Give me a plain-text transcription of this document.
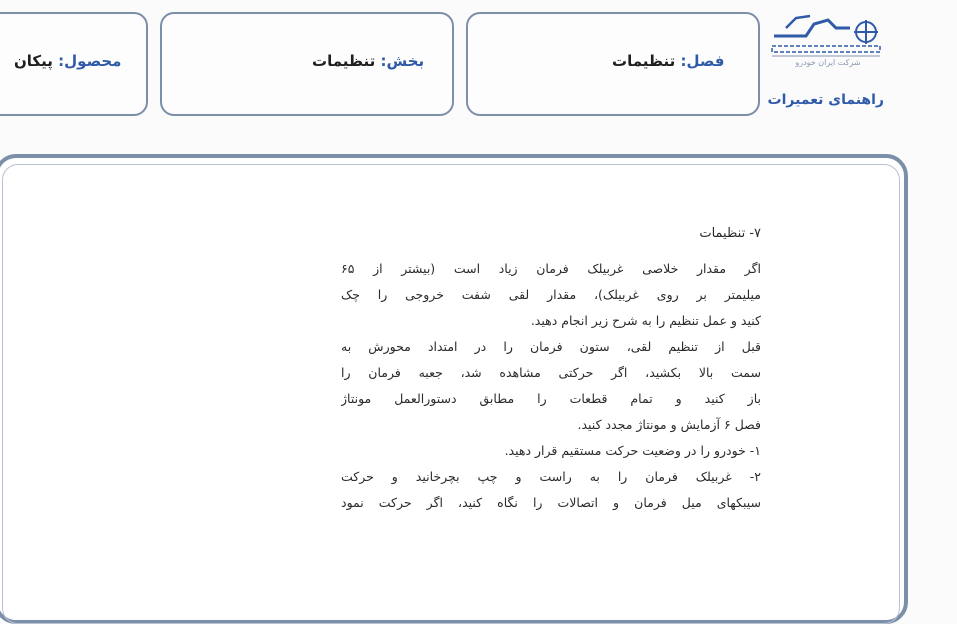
شرکت ایران خودرو
راهنمای تعمیرات
فصل: تنظیمات
بخش: تنظیمات
محصول: پیکان
۷- تنظیمات
اگر مقدار خلاصی غربیلک فرمان زیاد است (بیشتر از ۶۵
میلیمتر بر روی غربیلک)، مقدار لقی شفت خروجی را چک
کنید و عمل تنظیم را به شرح زیر انجام دهید.
قبل از تنظیم لقی، ستون فرمان را در امتداد محورش به
سمت بالا بکشید، اگر حرکتی مشاهده شد، جعبه فرمان را
باز کنید و تمام قطعات را مطابق دستورالعمل مونتاژ
فصل ۶ آزمایش و مونتاژ مجدد کنید.
۱- خودرو را در وضعیت حرکت مستقیم قرار دهید.
۲- غربیلک فرمان را به راست و چپ بچرخانید و حرکت
سیبکهای میل فرمان و اتصالات را نگاه کنید، اگر حرکت نمود
